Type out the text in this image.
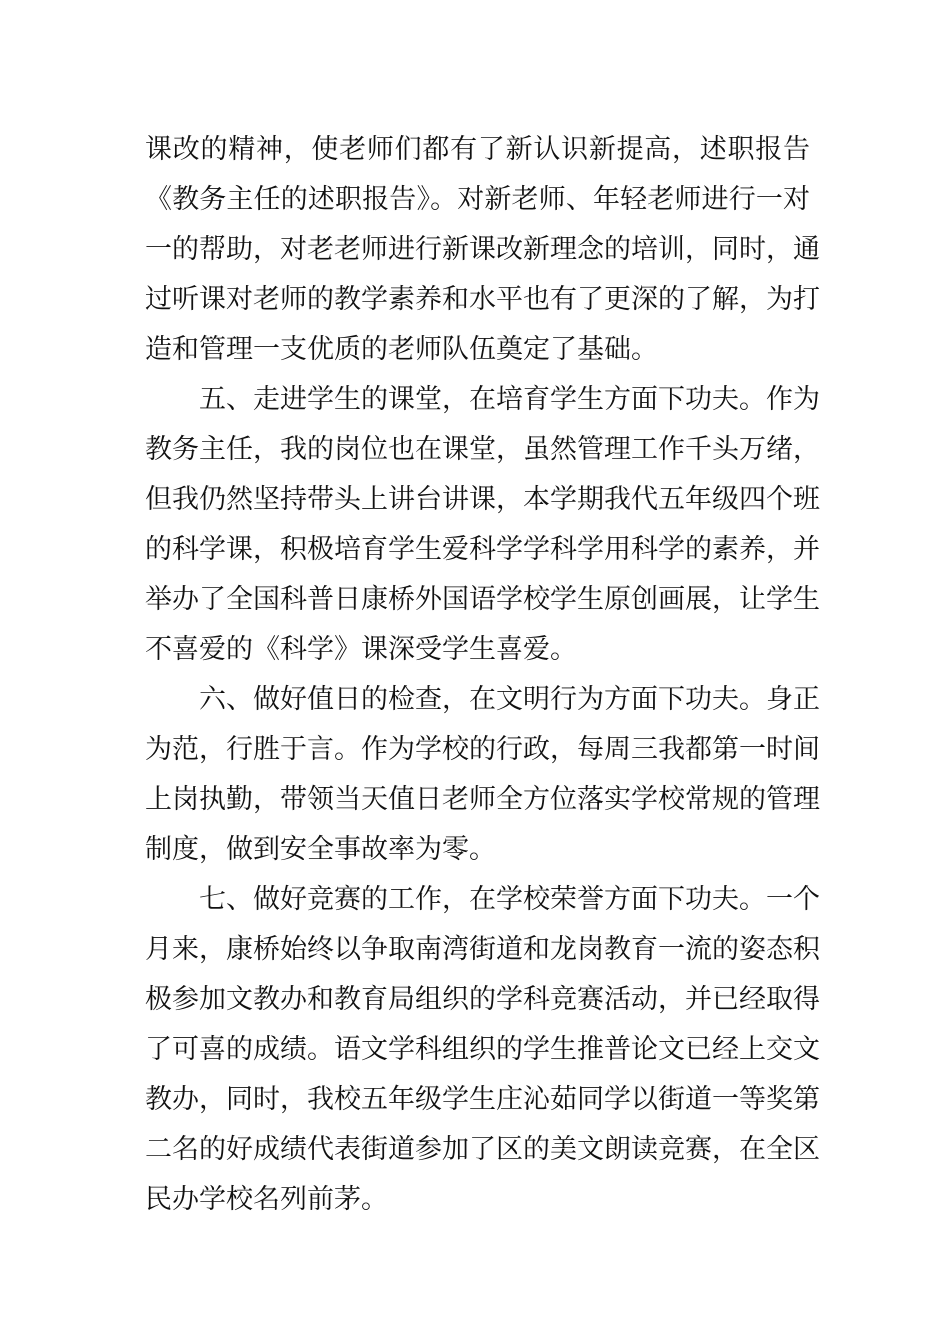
课改的精神，使老师们都有了新认识新提高，述职报告
《教务主任的述职报告》。对新老师、年轻老师进行一对
一的帮助，对老老师进行新课改新理念的培训，同时，通
过听课对老师的教学素养和水平也有了更深的了解，为打
造和管理一支优质的老师队伍奠定了基础。
　　五、走进学生的课堂，在培育学生方面下功夫。作为
教务主任，我的岗位也在课堂，虽然管理工作千头万绪，
但我仍然坚持带头上讲台讲课，本学期我代五年级四个班
的科学课，积极培育学生爱科学学科学用科学的素养，并
举办了全国科普日康桥外国语学校学生原创画展，让学生
不喜爱的《科学》课深受学生喜爱。
　　六、做好值日的检查，在文明行为方面下功夫。身正
为范，行胜于言。作为学校的行政，每周三我都第一时间
上岗执勤，带领当天值日老师全方位落实学校常规的管理
制度，做到安全事故率为零。
　　七、做好竞赛的工作，在学校荣誉方面下功夫。一个
月来，康桥始终以争取南湾街道和龙岗教育一流的姿态积
极参加文教办和教育局组织的学科竞赛活动，并已经取得
了可喜的成绩。语文学科组织的学生推普论文已经上交文
教办，同时，我校五年级学生庄沁茹同学以街道一等奖第
二名的好成绩代表街道参加了区的美文朗读竞赛，在全区
民办学校名列前茅。
